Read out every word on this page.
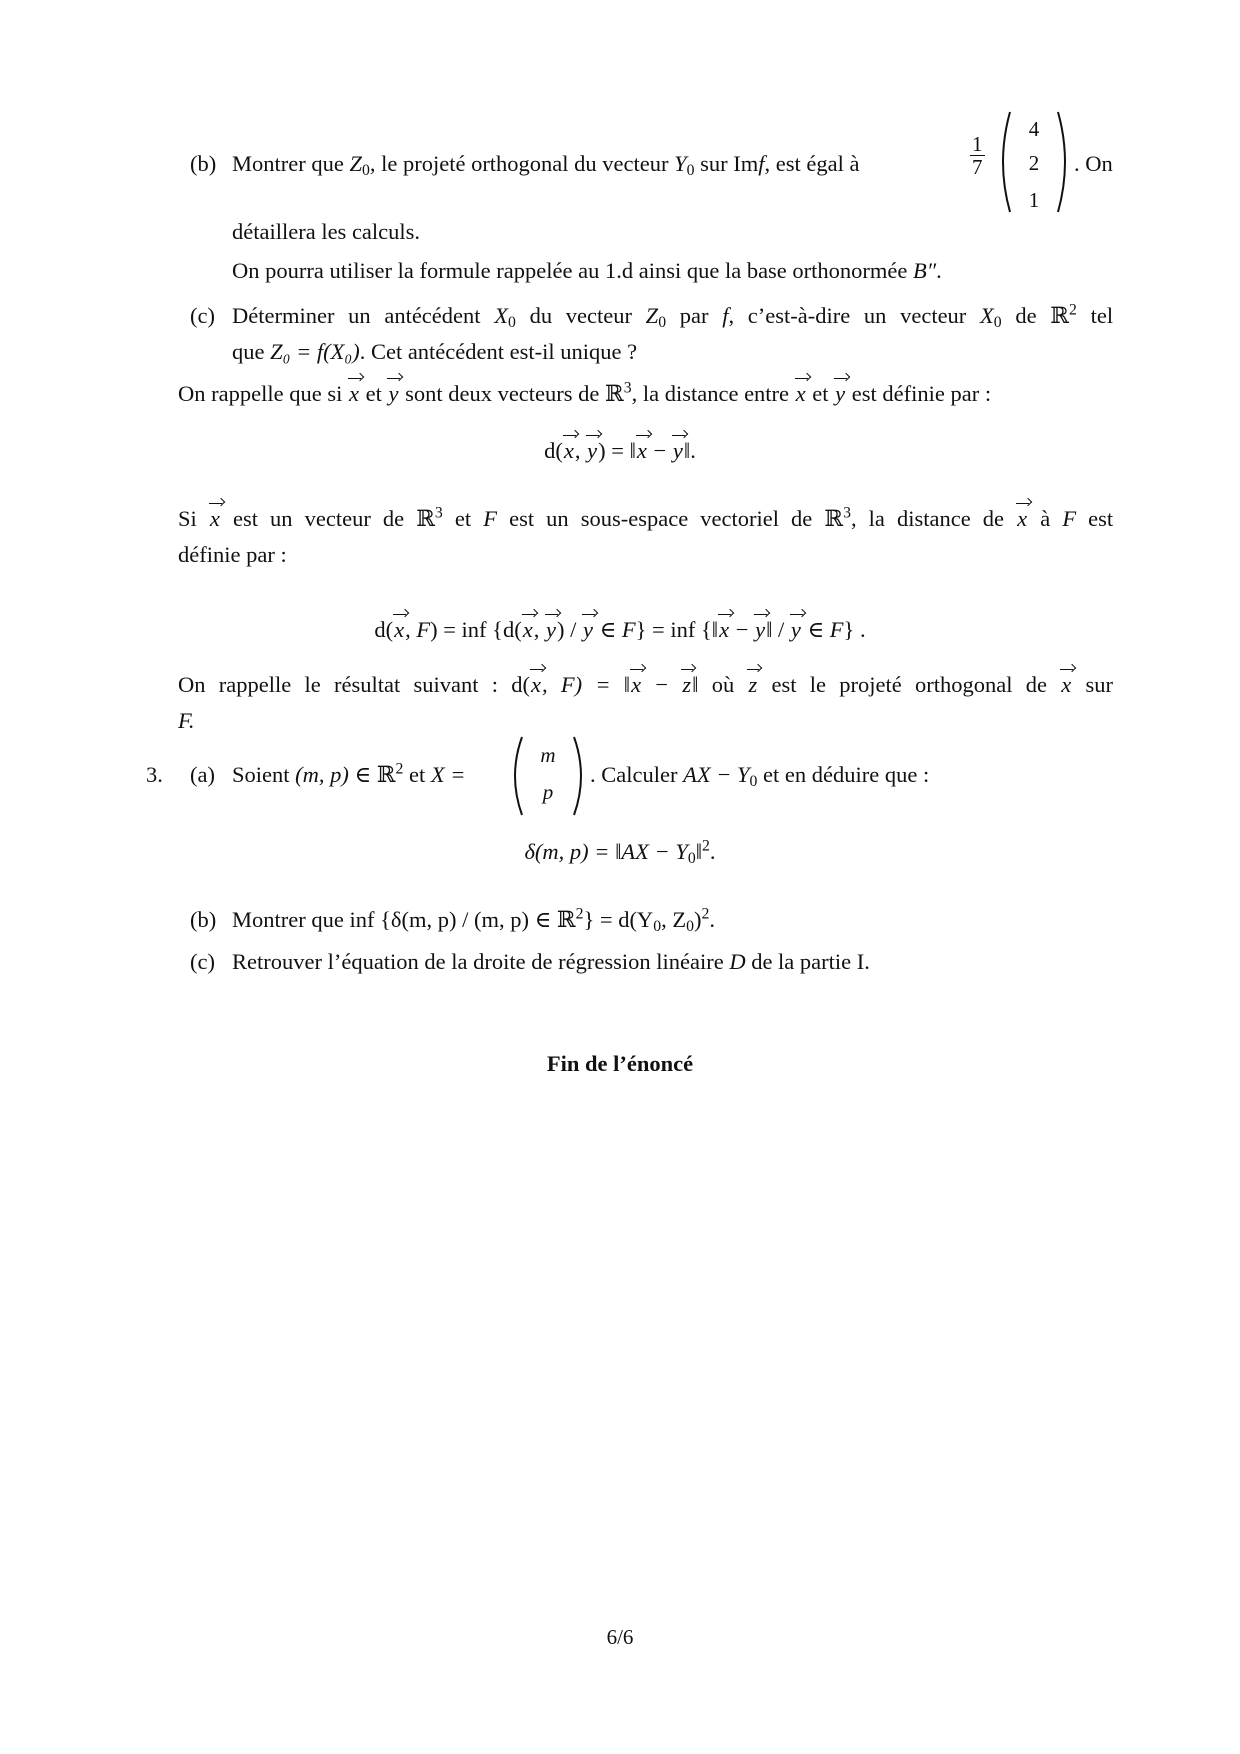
(b) Montrer que $Z_0$, le projeté orthogonal du vecteur $Y_0$ sur Imf, est égal à	$\frac{1}{7}$
4
2
1
. On
détaillera les calculs.
On pourra utiliser la formule rappelée au 1.d ainsi que la base orthonormée B″.
(c) Déterminer un antécédent $X_0$ du vecteur $Z_0$ par f, c’est-à-dire un vecteur $X_0$ de ℝ$^2$ tel
que Z₀ = f(X₀). Cet antécédent est-il unique ?
On rappelle que si x et y sont deux vecteurs de ℝ$^3$, la distance entre x et y est définie par :
d(x, y) = ‖x − y‖.
Si x est un vecteur de ℝ$^3$ et F est un sous-espace vectoriel de ℝ$^3$, la distance de x à F est
définie par :
d(x, F) = inf {d(x, y) / y ∈ F} = inf {‖x − y‖ / y ∈ F} .
On rappelle le résultat suivant : d(x, F) = ‖x − z‖ où z est le projeté orthogonal de x sur
F.
3. (a) Soient (m, p) ∈ ℝ$^2$ et X =
m
p
. Calculer AX − $Y_0$ et en déduire que :
δ(m, p) = ‖AX − $Y_0‖^2$.
(b) Montrer que inf {δ(m, p) / (m, p) ∈ ℝ$^2$} = $d(Y_0$, $Z_0)^2$.
(c) Retrouver l’équation de la droite de régression linéaire D de la partie I.
Fin de l’énoncé
6/6
